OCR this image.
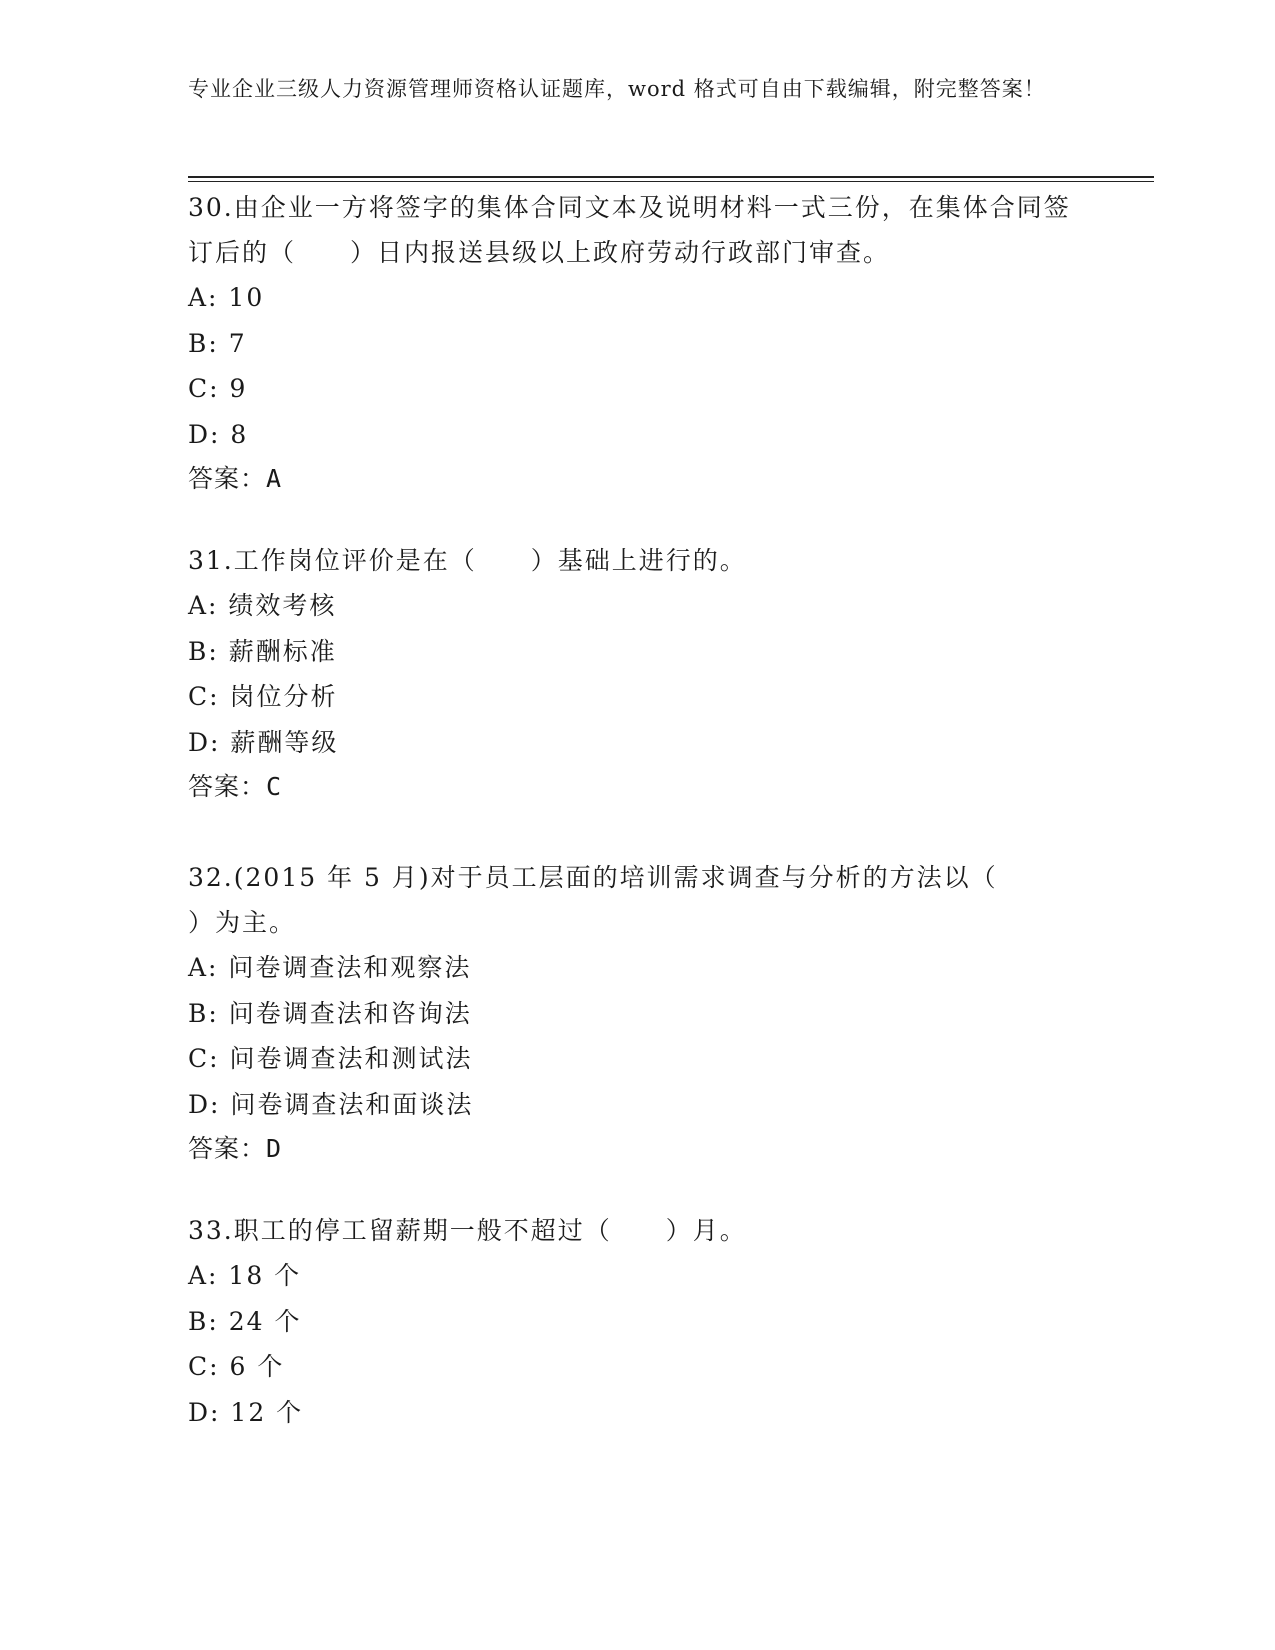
专业企业三级人力资源管理师资格认证题库，word 格式可自由下载编辑，附完整答案！
30.由企业一方将签字的集体合同文本及说明材料一式三份，在集体合同签订后的（　　）日内报送县级以上政府劳动行政部门审查。
A: 10
B: 7
C: 9
D: 8
答案：A
31.工作岗位评价是在（　　）基础上进行的。
A: 绩效考核
B: 薪酬标准
C: 岗位分析
D: 薪酬等级
答案：C
32.(2015 年 5 月)对于员工层面的培训需求调查与分析的方法以（
）为主。
A: 问卷调查法和观察法
B: 问卷调查法和咨询法
C: 问卷调查法和测试法
D: 问卷调查法和面谈法
答案：D
33.职工的停工留薪期一般不超过（　　）月。
A: 18 个
B: 24 个
C: 6 个
D: 12 个
